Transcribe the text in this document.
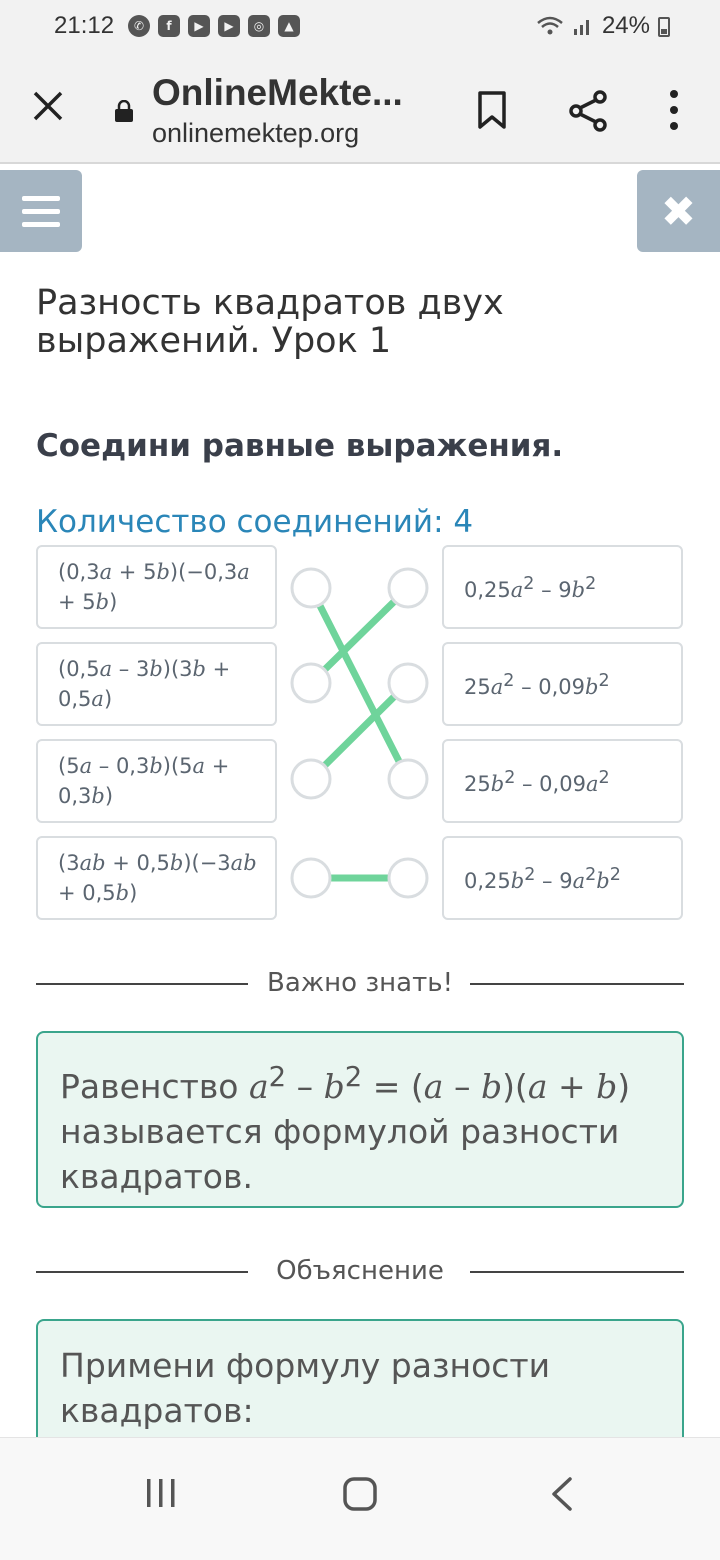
21:12	✆	f	▶	▶	◎	▲	24%
OnlineMekte...
onlinemektep.org
✖
Разность квадратов двух выражений. Урок 1
Соедини равные выражения.
Количество соединений: 4
(0,3a + 5b)(−0,3a + 5b)
(0,5a – 3b)(3b + 0,5a)
(5a – 0,3b)(5a + 0,3b)
(3ab + 0,5b)(−3ab + 0,5b)
$0,25a^2 - 9b^2$
$25a^2 - 0,09b^2$
$25b^2 - 0,09a^2$
$0,25b^2 - 9a^2b^2$
Важно знать!
Равенство $a^2 - b^2 = (a - b)(a + b)$ называется формулой разности квадратов.
Объяснение
Примени формулу разности квадратов:
